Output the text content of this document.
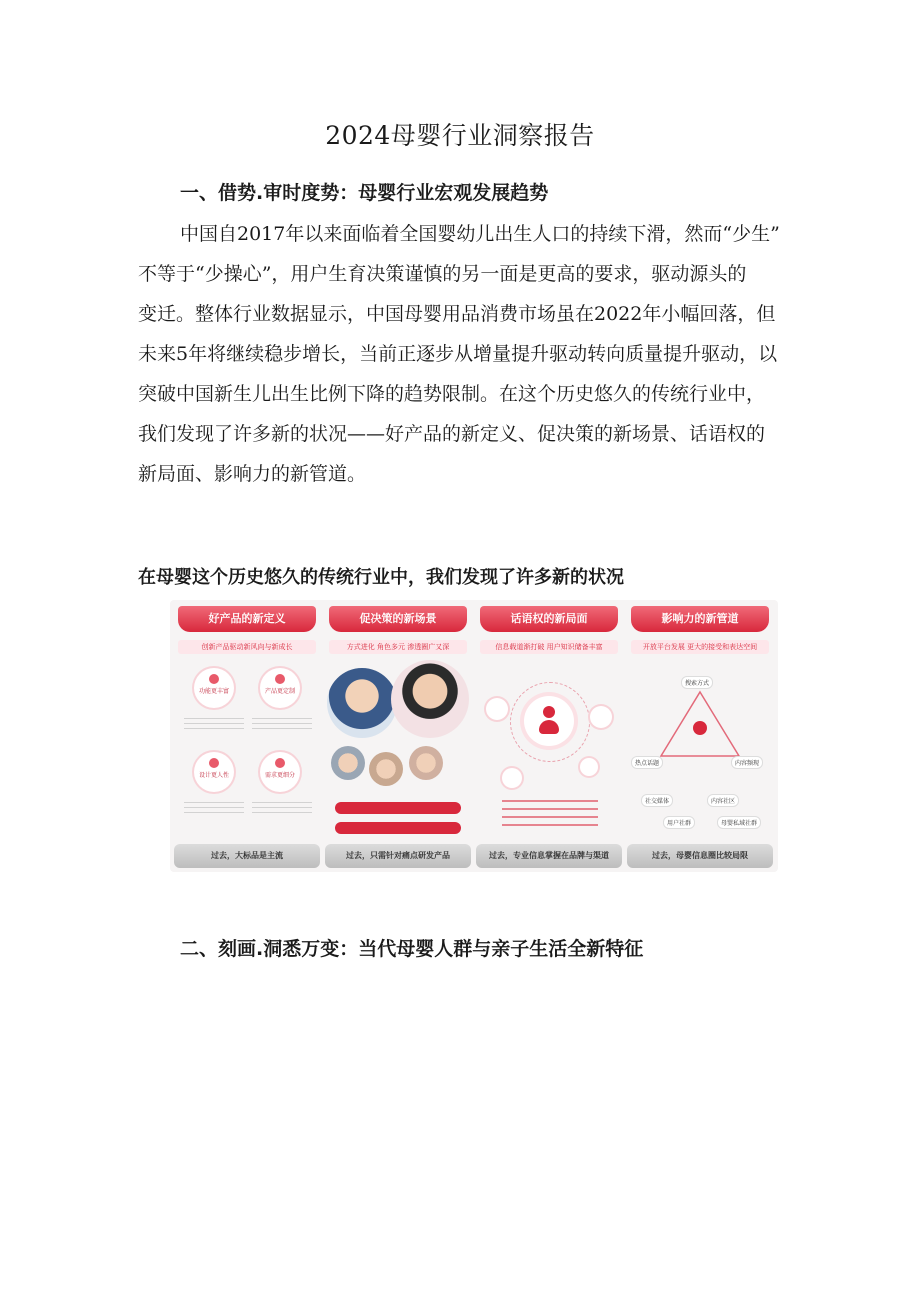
2024母婴行业洞察报告
一、借势.审时度势：母婴行业宏观发展趋势
中国自2017年以来面临着全国婴幼儿出生人口的持续下滑，然而“少生”
不等于“少操心”，用户生育决策谨慎的另一面是更高的要求，驱动源头的
变迁。整体行业数据显示，中国母婴用品消费市场虽在2022年小幅回落，但
未来5年将继续稳步增长，当前正逐步从增量提升驱动转向质量提升驱动，以
突破中国新生儿出生比例下降的趋势限制。在这个历史悠久的传统行业中，
我们发现了许多新的状况——好产品的新定义、促决策的新场景、话语权的
新局面、影响力的新管道。
在母婴这个历史悠久的传统行业中，我们发现了许多新的状况
好产品的新定义
创新产品驱动新风向与新成长
功能更丰富	产品更定制
设计更人性	需求更细分
过去，大标品是主流
促决策的新场景
方式进化 角色多元 渗透圈广又深
过去，只需针对痛点研发产品
话语权的新局面
信息载道渐打破 用户知识储备丰富
过去，专业信息掌握在品牌与渠道
影响力的新管道
开放平台发展 更大的接受和表达空间
搜索方式
热点话题	内容频现
社交媒体	内容社区
用户社群	母婴私域社群
过去，母婴信息圈比较局限
二、刻画.洞悉万变：当代母婴人群与亲子生活全新特征
